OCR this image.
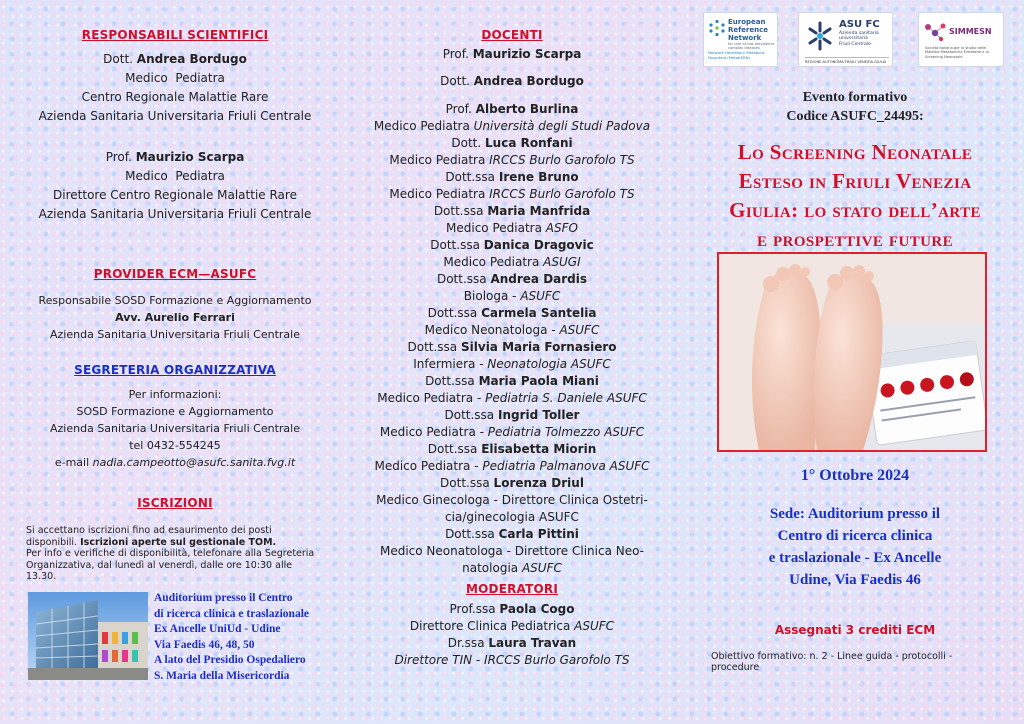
RESPONSABILI SCIENTIFICI
Dott. Andrea Bordugo
Medico  Pediatra
Centro Regionale Malattie Rare
Azienda Sanitaria Universitaria Friuli Centrale
Prof. Maurizio Scarpa
Medico  Pediatra
Direttore Centro Regionale Malattie Rare
Azienda Sanitaria Universitaria Friuli Centrale
PROVIDER ECM—ASUFC
Responsabile SOSD Formazione e Aggiornamento
Avv. Aurelio Ferrari
Azienda Sanitaria Universitaria Friuli Centrale
SEGRETERIA ORGANIZZATIVA
Per informazioni:
SOSD Formazione e Aggiornamento
Azienda Sanitaria Universitaria Friuli Centrale
tel 0432-554245
e-mail nadia.campeotto@asufc.sanita.fvg.it
ISCRIZIONI
Si accettano iscrizioni fino ad esaurimento dei posti disponibili. Iscrizioni aperte sul gestionale TOM.
Per info e verifiche di disponibilità, telefonare alla Segreteria Organizzativa, dal lunedì al venerdì, dalle ore 10:30 alle 13.30.
Auditorium presso il Centro
di ricerca clinica e traslazionale
Ex Ancelle UniUd - Udine
Via Faedis 46, 48, 50
A lato del Presidio Ospedaliero
S. Maria della Misericordia
DOCENTI
Prof. Maurizio Scarpa
Dott. Andrea Bordugo
Prof. Alberto Burlina
Medico Pediatra Università degli Studi Padova
Dott. Luca Ronfani
Medico Pediatra IRCCS Burlo Garofolo TS
Dott.ssa Irene Bruno
Medico Pediatra IRCCS Burlo Garofolo TS
Dott.ssa Maria Manfrida
Medico Pediatra ASFO
Dott.ssa Danica Dragovic
Medico Pediatra ASUGI
Dott.ssa Andrea Dardis
Biologa - ASUFC
Dott.ssa Carmela Santelia
Medico Neonatologa - ASUFC
Dott.ssa Silvia Maria Fornasiero
Infermiera - Neonatologia ASUFC
Dott.ssa Maria Paola Miani
Medico Pediatra - Pediatria S. Daniele ASUFC
Dott.ssa Ingrid Toller
Medico Pediatra - Pediatria Tolmezzo ASUFC
Dott.ssa Elisabetta Miorin
Medico Pediatra - Pediatria Palmanova ASUFC
Dott.ssa Lorenza Driul
Medico Ginecologa - Direttore Clinica Ostetri-
cia/ginecologia ASUFC
Dott.ssa Carla Pittini
Medico Neonatologa - Direttore Clinica Neo-
natologia ASUFC
MODERATORI
Prof.ssa Paola Cogo
Direttore Clinica Pediatrica ASUFC
Dr.ssa Laura Travan
Direttore TIN - IRCCS Burlo Garofolo TS
European
Reference
Network
for rare or low prevalence complex diseases
Network Hereditary Metabolic Disorders (MetabERN)
ASU FC
Azienda sanitaria
universitaria
Friuli Centrale
REGIONE AUTONOMA FRIULI VENEZIA GIULIA
SIMMESN
Società Italiana per lo studio delle Malattie Metaboliche Ereditarie e lo Screening Neonatale
Evento formativo
Codice ASUFC_24495:
Lo Screening Neonatale
Esteso in Friuli Venezia
Giulia: lo stato dell’arte
e prospettive future
1° Ottobre 2024
Sede: Auditorium presso il
Centro di ricerca clinica
e traslazionale - Ex Ancelle
Udine, Via Faedis 46
Assegnati 3 crediti ECM
Obiettivo formativo: n. 2 - Linee guida - protocolli - procedure
